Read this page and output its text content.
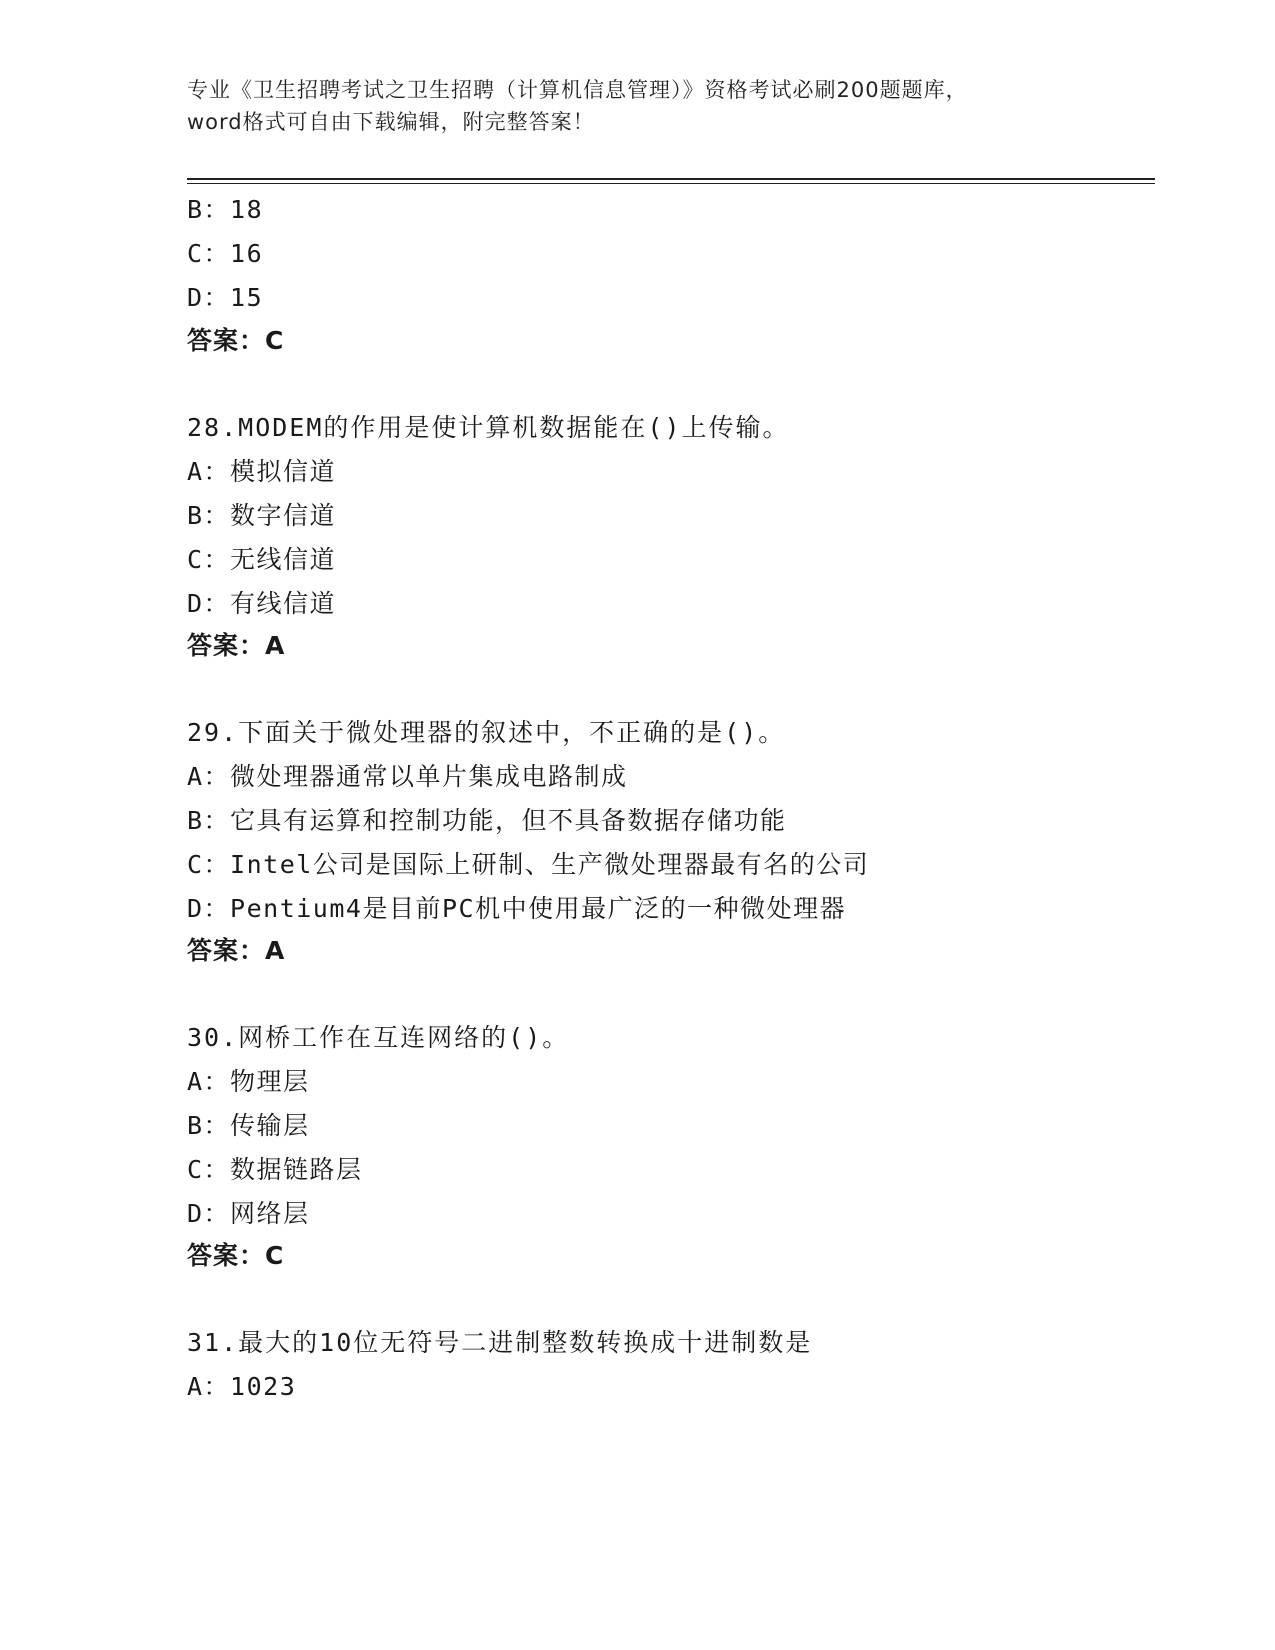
专业《卫生招聘考试之卫生招聘（计算机信息管理）》资格考试必刷200题题库，
word格式可自由下载编辑，附完整答案！
B：18
C：16
D：15
答案：C
28.MODEM的作用是使计算机数据能在()上传输。
A：模拟信道
B：数字信道
C：无线信道
D：有线信道
答案：A
29.下面关于微处理器的叙述中，不正确的是()。
A：微处理器通常以单片集成电路制成
B：它具有运算和控制功能，但不具备数据存储功能
C：Intel公司是国际上研制、生产微处理器最有名的公司
D：Pentium4是目前PC机中使用最广泛的一种微处理器
答案：A
30.网桥工作在互连网络的()。
A：物理层
B：传输层
C：数据链路层
D：网络层
答案：C
31.最大的10位无符号二进制整数转换成十进制数是
A：1023
